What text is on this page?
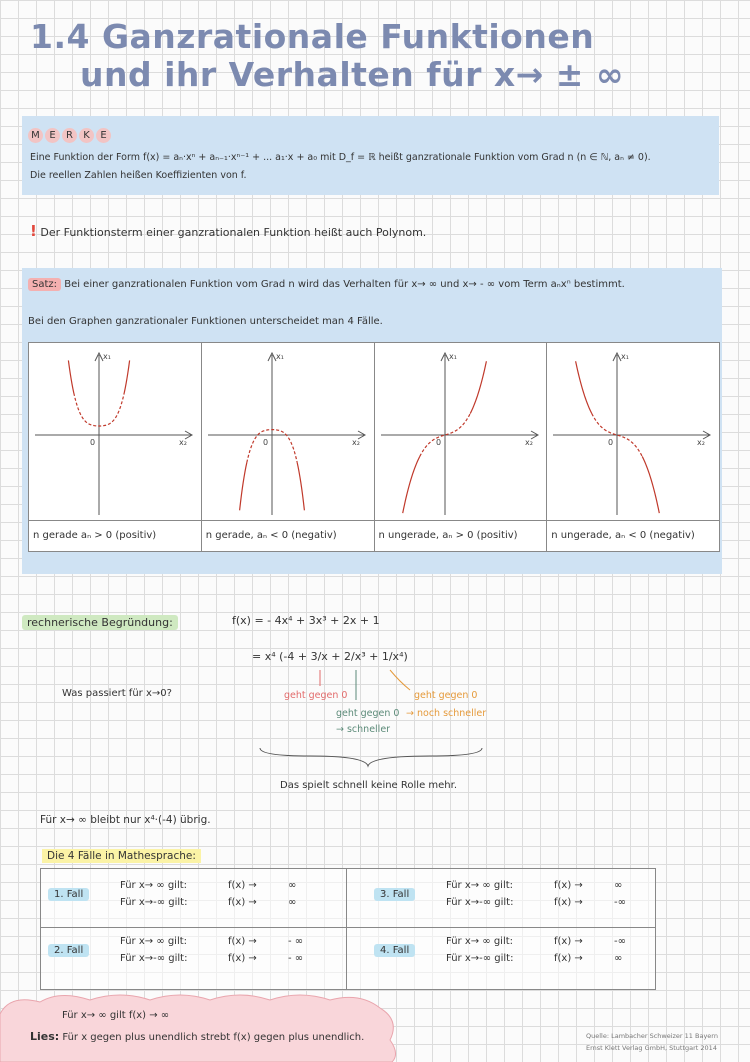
1.4 Ganzrationale Funktionen
und ihr Verhalten für x→ ± ∞
M E	R	K	E
Eine Funktion der Form f(x) = aₙ·xⁿ + aₙ₋₁·xⁿ⁻¹ + ... a₁·x + a₀ mit D_f = ℝ heißt ganzrationale Funktion vom Grad n (n ∈ ℕ, aₙ ≠ 0).
Die reellen Zahlen heißen Koeffizienten von f.
! Der Funktionsterm einer ganzrationalen Funktion heißt auch Polynom.
Satz: Bei einer ganzrationalen Funktion vom Grad n wird das Verhalten für x→ ∞ und x→ - ∞ vom Term aₙxⁿ bestimmt.
Bei den Graphen ganzrationaler Funktionen unterscheidet man 4 Fälle.
x₂
x₁
0
n gerade aₙ > 0 (positiv)
x₂
x₁
0
n gerade, aₙ < 0 (negativ)
x₂
x₁
0
n ungerade, aₙ > 0 (positiv)
x₂
x₁
0
n ungerade, aₙ < 0 (negativ)
rechnerische Begründung:	f(x) = - 4x⁴ + 3x³ + 2x + 1
= x⁴ (-4 + 3/x + 2/x³ + 1/x⁴)
Was passiert für x→0?	geht gegen 0
geht gegen 0
→ schneller
geht gegen 0
→ noch schneller
Das spielt schnell keine Rolle mehr.
Für x→ ∞ bleibt nur x⁴·(-4) übrig.
Die 4 Fälle in Mathesprache:
1. Fall
Für x→ ∞ gilt:	f(x) →	∞
Für x→-∞ gilt:	f(x) →	∞
2. Fall
Für x→ ∞ gilt:	f(x) →	- ∞
Für x→-∞ gilt:	f(x) →	- ∞
3. Fall
Für x→ ∞ gilt:	f(x) →	∞
Für x→-∞ gilt:	f(x) →	-∞
4. Fall
Für x→ ∞ gilt:	f(x) →	-∞
Für x→-∞ gilt:	f(x) →	∞
Für x→ ∞ gilt f(x) → ∞
Lies: Für x gegen plus unendlich strebt f(x) gegen plus unendlich.	Quelle: Lambacher Schweizer 11 Bayern
Ernst Klett Verlag GmbH, Stuttgart 2014
